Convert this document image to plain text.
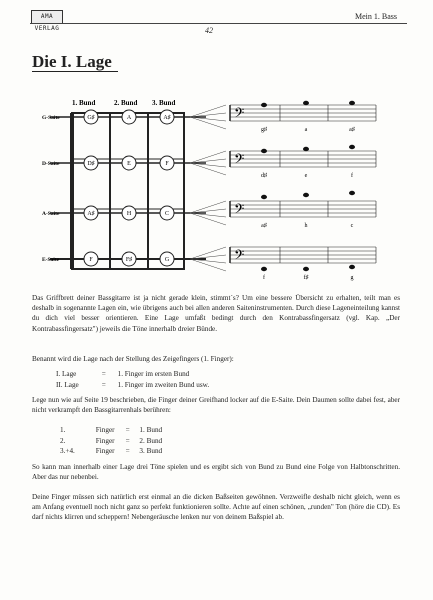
AMA VERLAG
Mein 1. Bass
42
Die I. Lage
1. Bund	2. Bund 3. Bund
G-Saite
D-Saite
A-Saite
E-Saite
G♯	A	A♯
D♯	E	F
A♯	H	C
F	F♯	G
𝄢
𝄢
𝄢
𝄢
g♯	a	a♯
d♯	e	f
a♯	h	c
f	f♯	g

Das Griffbrett deiner Bassgitarre ist ja nicht gerade klein, stimmt´s? Um eine bessere Übersicht zu erhalten, teilt man es deshalb in sogenannte Lagen ein, wie übrigens auch bei allen anderen Saiteninstrumenten. Durch diese Lageneinteilung kannst du dich viel besser orientieren. Eine Lage umfaßt bedingt durch den Kontrabassfingersatz (vgl. Kap. „Der Kontrabassfingersatz") jeweils die Töne innerhalb dreier Bünde.

Benannt wird die Lage nach der Stellung des Zeigefingers (1. Finger):

I. Lage	= 1. Finger im ersten Bund
II. Lage	= 1. Finger im zweiten Bund usw.

Lege nun wie auf Seite 19 beschrieben, die Finger deiner Greifhand locker auf die E-Saite. Dein Daumen sollte dabei fest, aber nicht verkrampft den Bassgitarrenhals berühren:

1.	Finger = 1. Bund
2.	Finger = 2. Bund
3.+4.	Finger = 3. Bund

So kann man innerhalb einer Lage drei Töne spielen und es ergibt sich von Bund zu Bund eine Folge von Halbtonschritten. Aber das nur nebenbei.

Deine Finger müssen sich natürlich erst einmal an die dicken Baßseiten gewöhnen. Verzweifle deshalb nicht gleich, wenn es am Anfang eventuell noch nicht ganz so perfekt funktionieren sollte. Achte auf einen schönen, „runden" Ton (höre die CD). Es darf nichts klirren und scheppern! Nebengeräusche lenken nur von deinem Baßspiel ab.
